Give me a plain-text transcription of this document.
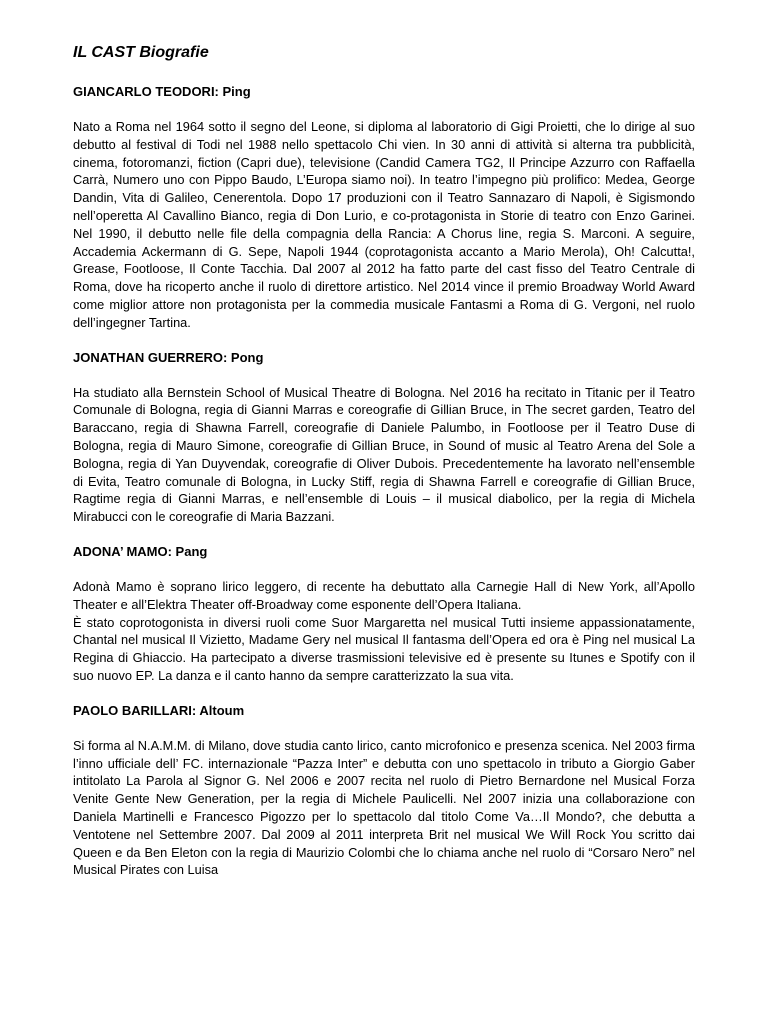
IL CAST Biografie
GIANCARLO TEODORI: Ping

Nato a Roma nel 1964 sotto il segno del Leone, si diploma al laboratorio di Gigi Proietti, che lo dirige al suo debutto al festival di Todi nel 1988 nello spettacolo Chi vien. In 30 anni di attività si alterna tra pubblicità, cinema, fotoromanzi, fiction (Capri due), televisione (Candid Camera TG2, Il Principe Azzurro con Raffaella Carrà, Numero uno con Pippo Baudo, L’Europa siamo noi). In teatro l’impegno più prolifico: Medea, George Dandin, Vita di Galileo, Cenerentola. Dopo 17 produzioni con il Teatro Sannazaro di Napoli, è Sigismondo nell’operetta Al Cavallino Bianco, regia di Don Lurio, e co-protagonista in Storie di teatro con Enzo Garinei. Nel 1990, il debutto nelle file della compagnia della Rancia: A Chorus line, regia S. Marconi. A seguire, Accademia Ackermann di G. Sepe, Napoli 1944 (coprotagonista accanto a Mario Merola), Oh! Calcutta!, Grease, Footloose, Il Conte Tacchia. Dal 2007 al 2012 ha fatto parte del cast fisso del Teatro Centrale di Roma, dove ha ricoperto anche il ruolo di direttore artistico. Nel 2014 vince il premio Broadway World Award come miglior attore non protagonista per la commedia musicale Fantasmi a Roma di G. Vergoni, nel ruolo dell’ingegner Tartina.

JONATHAN GUERRERO: Pong

Ha studiato alla Bernstein School of Musical Theatre di Bologna. Nel 2016 ha recitato in Titanic per il Teatro Comunale di Bologna, regia di Gianni Marras e coreografie di Gillian Bruce, in The secret garden, Teatro del Baraccano, regia di Shawna Farrell, coreografie di Daniele Palumbo, in Footloose per il Teatro Duse di Bologna, regia di Mauro Simone, coreografie di Gillian Bruce, in Sound of music al Teatro Arena del Sole a Bologna, regia di Yan Duyvendak, coreografie di Oliver Dubois. Precedentemente ha lavorato nell’ensemble di Evita, Teatro comunale di Bologna, in Lucky Stiff, regia di Shawna Farrell e coreografie di Gillian Bruce, Ragtime regia di Gianni Marras, e nell’ensemble di Louis – il musical diabolico, per la regia di Michela Mirabucci con le coreografie di Maria Bazzani.

ADONA’ MAMO: Pang

Adonà Mamo è soprano lirico leggero, di recente ha debuttato alla Carnegie Hall di New York, all’Apollo Theater e all’Elektra Theater off-Broadway come esponente dell’Opera Italiana.

È stato coprotogonista in diversi ruoli come Suor Margaretta nel musical Tutti insieme appassionatamente, Chantal nel musical Il Vizietto, Madame Gery nel musical Il fantasma dell’Opera ed ora è Ping nel musical La Regina di Ghiaccio. Ha partecipato a diverse trasmissioni televisive ed è presente su Itunes e Spotify con il suo nuovo EP. La danza e il canto hanno da sempre caratterizzato la sua vita.

PAOLO BARILLARI: Altoum

Si forma al N.A.M.M. di Milano, dove studia canto lirico, canto microfonico e presenza scenica. Nel 2003 firma l’inno ufficiale dell’ FC. internazionale “Pazza Inter” e debutta con uno spettacolo in tributo a Giorgio Gaber intitolato La Parola al Signor G. Nel 2006 e 2007 recita nel ruolo di Pietro Bernardone nel Musical Forza Venite Gente New Generation, per la regia di Michele Paulicelli. Nel 2007 inizia una collaborazione con Daniela Martinelli e Francesco Pigozzo per lo spettacolo dal titolo Come Va…Il Mondo?, che debutta a Ventotene nel Settembre 2007. Dal 2009 al 2011 interpreta Brit nel musical We Will Rock You scritto dai Queen e da Ben Eleton con la regia di Maurizio Colombi che lo chiama anche nel ruolo di “Corsaro Nero” nel Musical Pirates con Luisa
